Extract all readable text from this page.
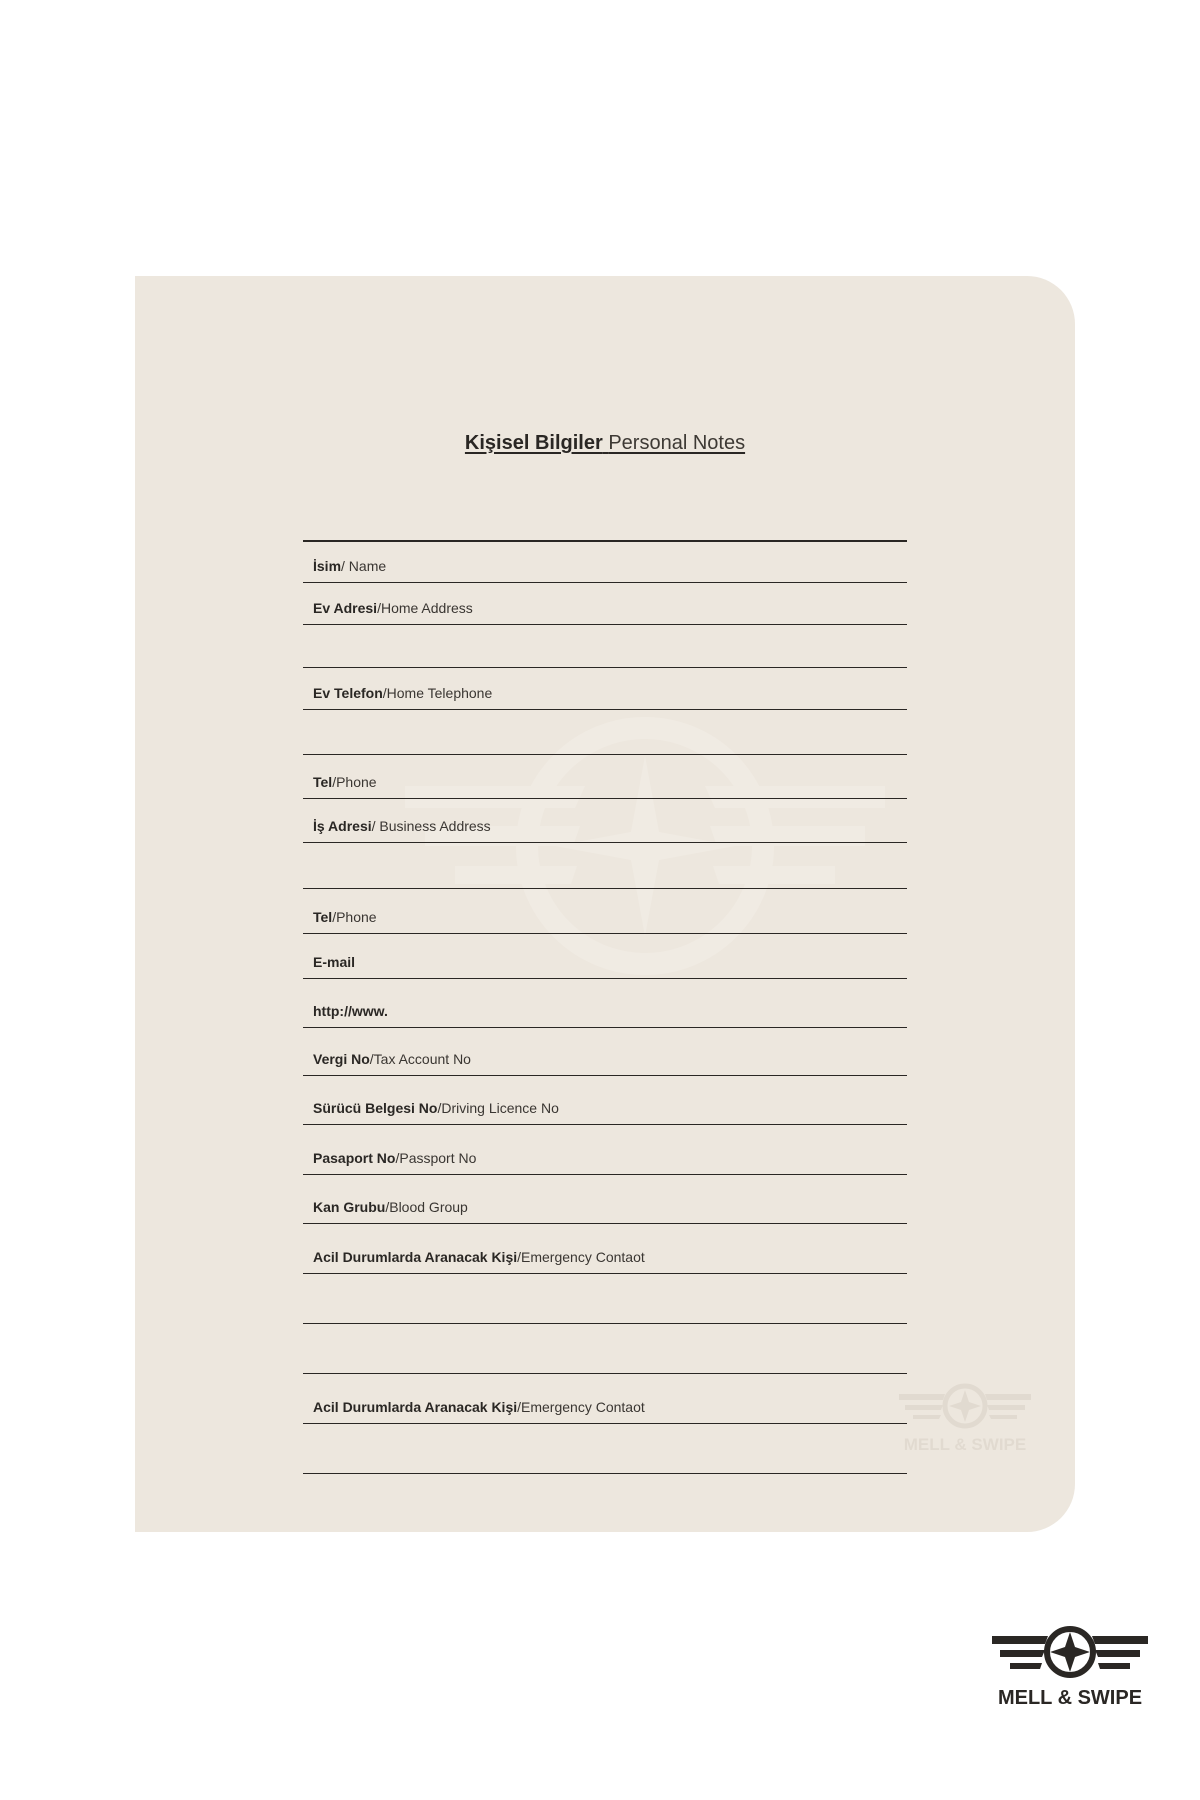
Kişisel Bilgiler Personal Notes
İsim/ Name
Ev Adresi/Home Address
Ev Telefon/Home Telephone
Tel/Phone
İş Adresi/ Business Address
Tel/Phone
E-mail
http://www.
Vergi No/Tax Account No
Sürücü Belgesi No/Driving Licence No
Pasaport No/Passport No
Kan Grubu/Blood Group
Acil Durumlarda Aranacak Kişi/Emergency Contaot
Acil Durumlarda Aranacak Kişi/Emergency Contaot
MELL & SWIPE
MELL & SWIPE
